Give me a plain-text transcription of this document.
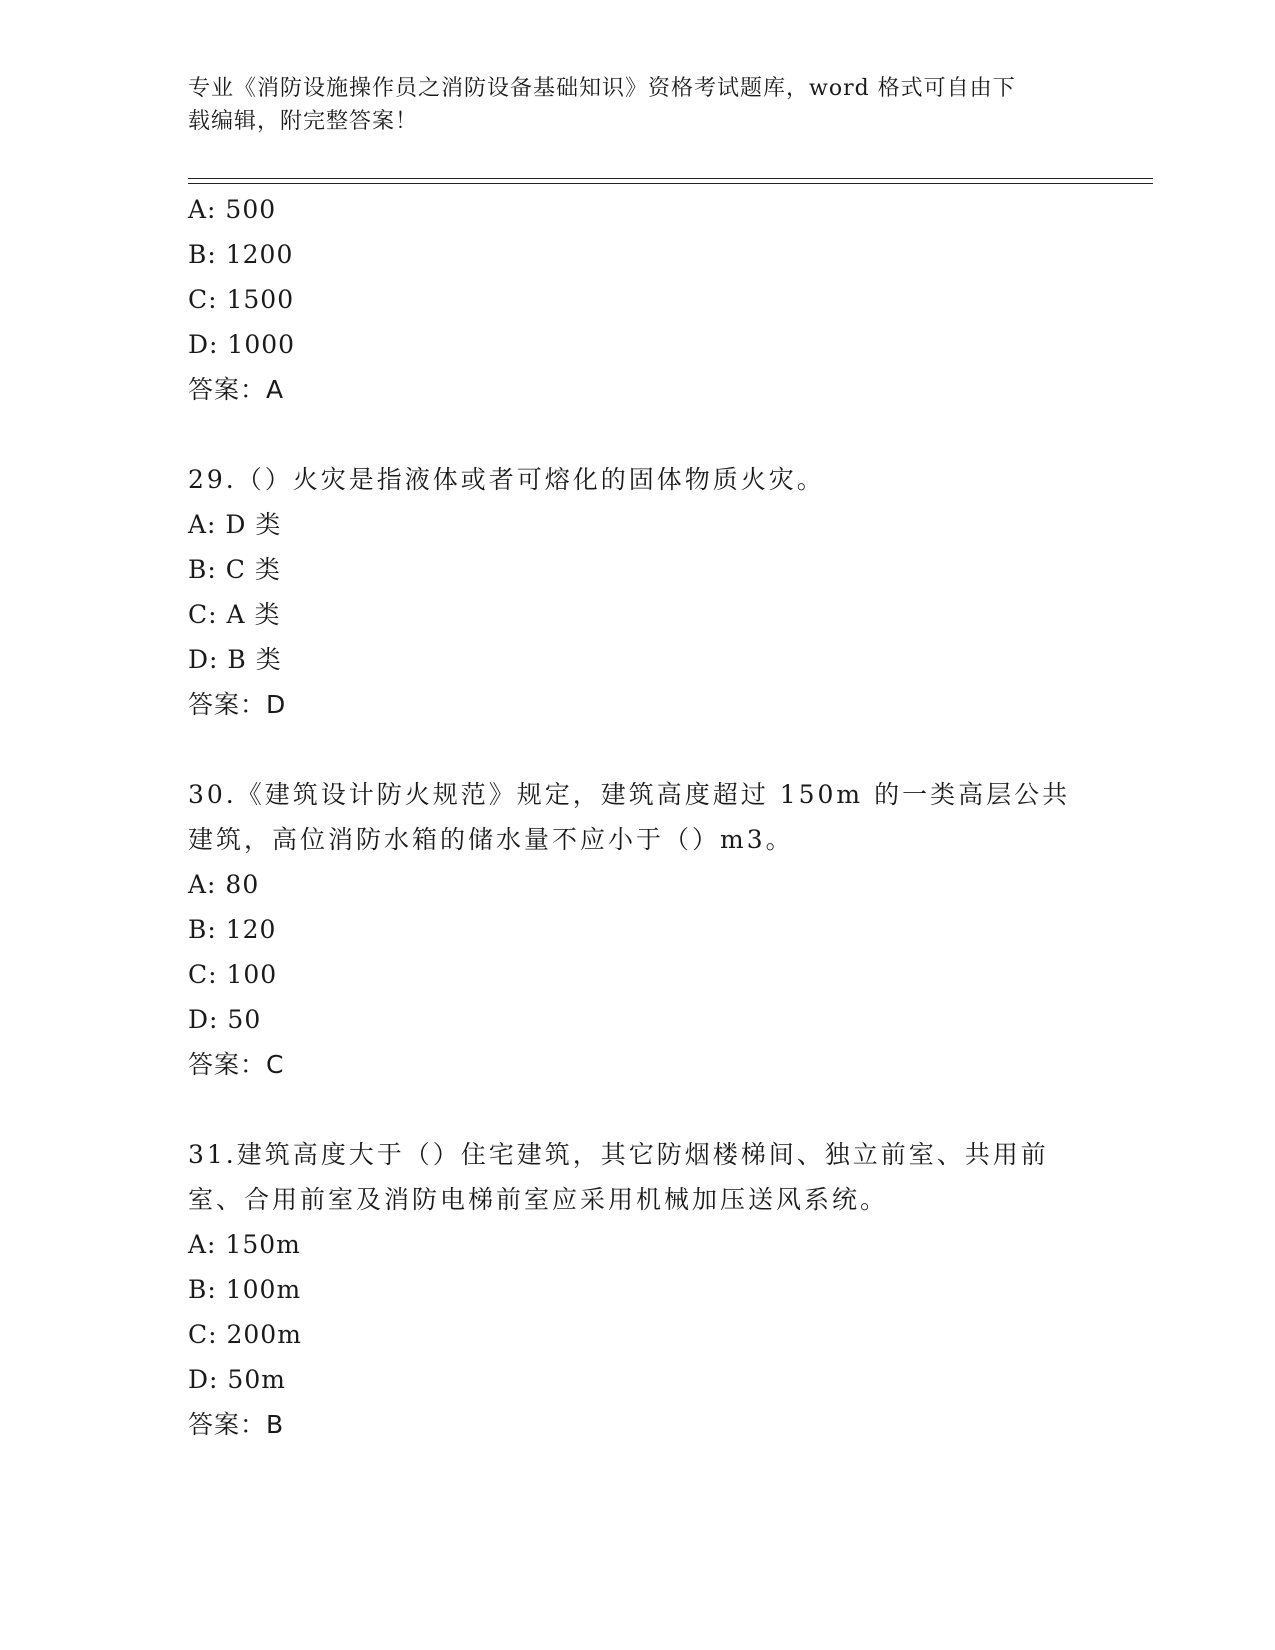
专业《消防设施操作员之消防设备基础知识》资格考试题库，word 格式可自由下
载编辑，附完整答案！
A: 500
B: 1200
C: 1500
D: 1000
答案：A
29.（）火灾是指液体或者可熔化的固体物质火灾。
A: D 类
B: C 类
C: A 类
D: B 类
答案：D
30.《建筑设计防火规范》规定，建筑高度超过 150m 的一类高层公共
建筑，高位消防水箱的储水量不应小于（）m3。
A: 80
B: 120
C: 100
D: 50
答案：C
31.建筑高度大于（）住宅建筑，其它防烟楼梯间、独立前室、共用前
室、合用前室及消防电梯前室应采用机械加压送风系统。
A: 150m
B: 100m
C: 200m
D: 50m
答案：B
